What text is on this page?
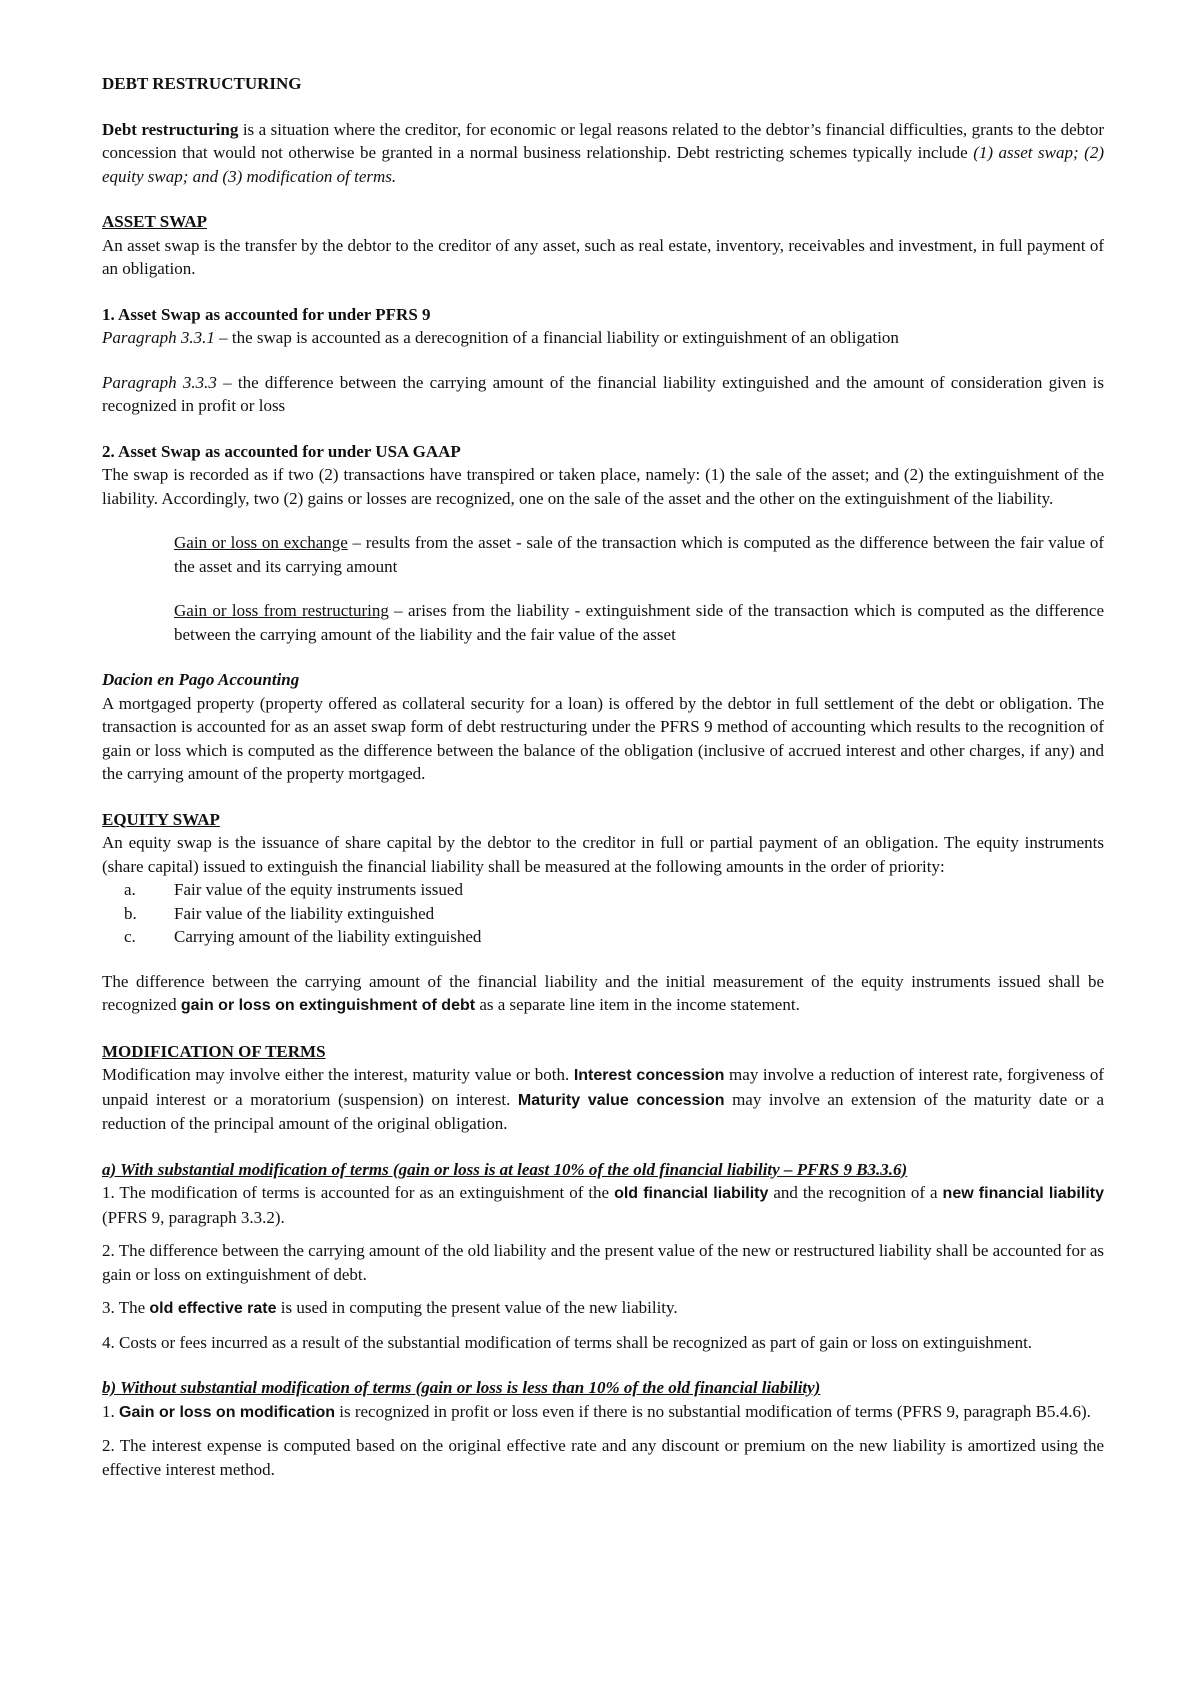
DEBT RESTRUCTURING

Debt restructuring is a situation where the creditor, for economic or legal reasons related to the debtor’s financial difficulties, grants to the debtor concession that would not otherwise be granted in a normal business relationship. Debt restricting schemes typically include (1) asset swap; (2) equity swap; and (3) modification of terms.

ASSET SWAP

An asset swap is the transfer by the debtor to the creditor of any asset, such as real estate, inventory, receivables and investment, in full payment of an obligation.

1. Asset Swap as accounted for under PFRS 9

Paragraph 3.3.1 – the swap is accounted as a derecognition of a financial liability or extinguishment of an obligation

Paragraph 3.3.3 – the difference between the carrying amount of the financial liability extinguished and the amount of consideration given is recognized in profit or loss

2. Asset Swap as accounted for under USA GAAP

The swap is recorded as if two (2) transactions have transpired or taken place, namely: (1) the sale of the asset; and (2) the extinguishment of the liability. Accordingly, two (2) gains or losses are recognized, one on the sale of the asset and the other on the extinguishment of the liability.

Gain or loss on exchange – results from the asset - sale of the transaction which is computed as the difference between the fair value of the asset and its carrying amount

Gain or loss from restructuring – arises from the liability - extinguishment side of the transaction which is computed as the difference between the carrying amount of the liability and the fair value of the asset

Dacion en Pago Accounting

A mortgaged property (property offered as collateral security for a loan) is offered by the debtor in full settlement of the debt or obligation. The transaction is accounted for as an asset swap form of debt restructuring under the PFRS 9 method of accounting which results to the recognition of gain or loss which is computed as the difference between the balance of the obligation (inclusive of accrued interest and other charges, if any) and the carrying amount of the property mortgaged.

EQUITY SWAP

An equity swap is the issuance of share capital by the debtor to the creditor in full or partial payment of an obligation. The equity instruments (share capital) issued to extinguish the financial liability shall be measured at the following amounts in the order of priority:

a.	Fair value of the equity instruments issued
b.	Fair value of the liability extinguished
c.	Carrying amount of the liability extinguished

The difference between the carrying amount of the financial liability and the initial measurement of the equity instruments issued shall be recognized gain or loss on extinguishment of debt as a separate line item in the income statement.

MODIFICATION OF TERMS

Modification may involve either the interest, maturity value or both. Interest concession may involve a reduction of interest rate, forgiveness of unpaid interest or a moratorium (suspension) on interest. Maturity value concession may involve an extension of the maturity date or a reduction of the principal amount of the original obligation.

a) With substantial modification of terms (gain or loss is at least 10% of the old financial liability – PFRS 9 B3.3.6)

1. The modification of terms is accounted for as an extinguishment of the old financial liability and the recognition of a new financial liability (PFRS 9, paragraph 3.3.2).

2. The difference between the carrying amount of the old liability and the present value of the new or restructured liability shall be accounted for as gain or loss on extinguishment of debt.

3. The old effective rate is used in computing the present value of the new liability.

4. Costs or fees incurred as a result of the substantial modification of terms shall be recognized as part of gain or loss on extinguishment.

b) Without substantial modification of terms (gain or loss is less than 10% of the old financial liability)

1. Gain or loss on modification is recognized in profit or loss even if there is no substantial modification of terms (PFRS 9, paragraph B5.4.6).

2. The interest expense is computed based on the original effective rate and any discount or premium on the new liability is amortized using the effective interest method.
